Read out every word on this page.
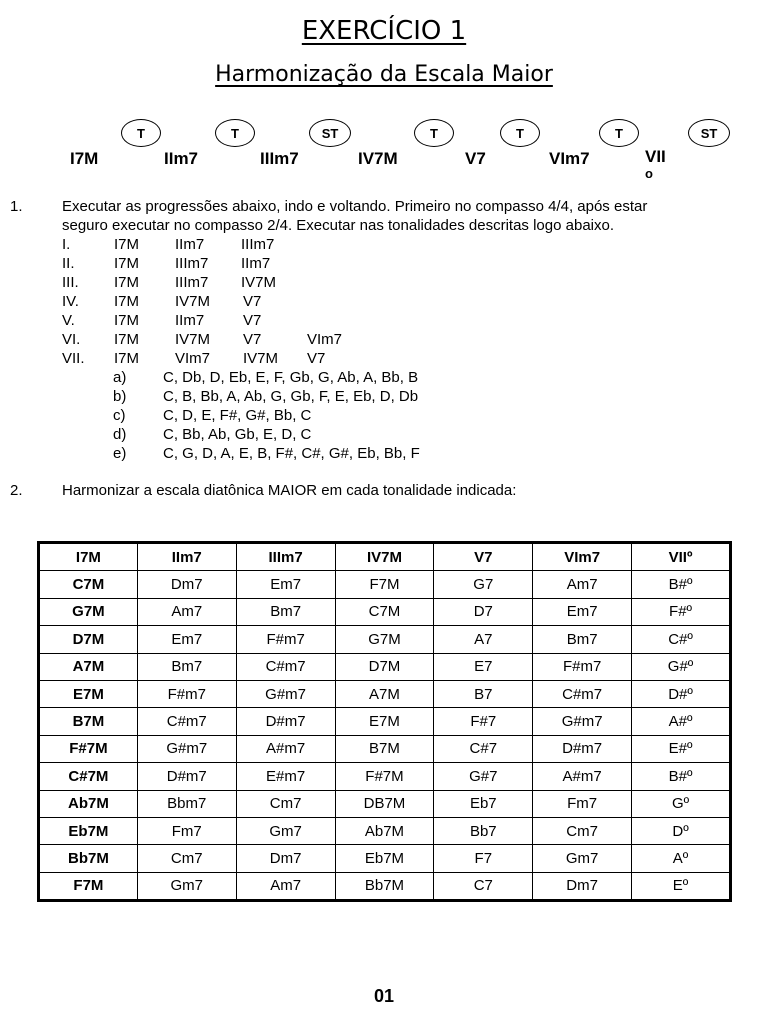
EXERCÍCIO 1
Harmonização da Escala Maior
I7M	IIm7	IIIm7	IV7M	V7	VIm7	VII
o
T	T	ST	T	T	T	ST
1.	Executar as progressões abaixo, indo e voltando. Primeiro no compasso 4/4, após estar
seguro executar no compasso 2/4. Executar nas tonalidades descritas logo abaixo.
I.	I7M IIm7 IIIm7
II.	I7M IIIm7 IIm7
III. I7M IIIm7 IV7M
IV. I7M IV7M V7
V.	I7M IIm7	V7
VI. I7M IV7M V7	VIm7
VII. I7M VIm7 IV7M V7
a) C, Db, D, Eb, E, F, Gb, G, Ab, A, Bb, B
b) C, B, Bb, A, Ab, G, Gb, F, E, Eb, D, Db
c)	C, D, E, F#, G#, Bb, C
d) C, Bb, Ab, Gb, E, D, C
e) C, G, D, A, E, B, F#, C#, G#, Eb, Bb, F
2.	Harmonizar a escala diatônica MAIOR em cada tonalidade indicada:
I7M	IIm7	IIIm7	IV7M	V7	VIm7	VIIº
C7M	Dm7	Em7	F7M	G7	Am7	B#º
G7M	Am7	Bm7	C7M	D7	Em7	F#º
D7M	Em7	F#m7	G7M	A7	Bm7	C#º
A7M	Bm7	C#m7	D7M	E7	F#m7	G#º
E7M	F#m7	G#m7	A7M	B7	C#m7	D#º
B7M	C#m7	D#m7	E7M	F#7	G#m7	A#º
F#7M	G#m7	A#m7	B7M	C#7	D#m7	E#º
C#7M	D#m7	E#m7	F#7M	G#7	A#m7	B#º
Ab7M	Bbm7	Cm7	DB7M	Eb7	Fm7	Gº
Eb7M	Fm7	Gm7	Ab7M	Bb7	Cm7	Dº
Bb7M	Cm7	Dm7	Eb7M	F7	Gm7	Aº
F7M	Gm7	Am7	Bb7M	C7	Dm7	Eº
01
